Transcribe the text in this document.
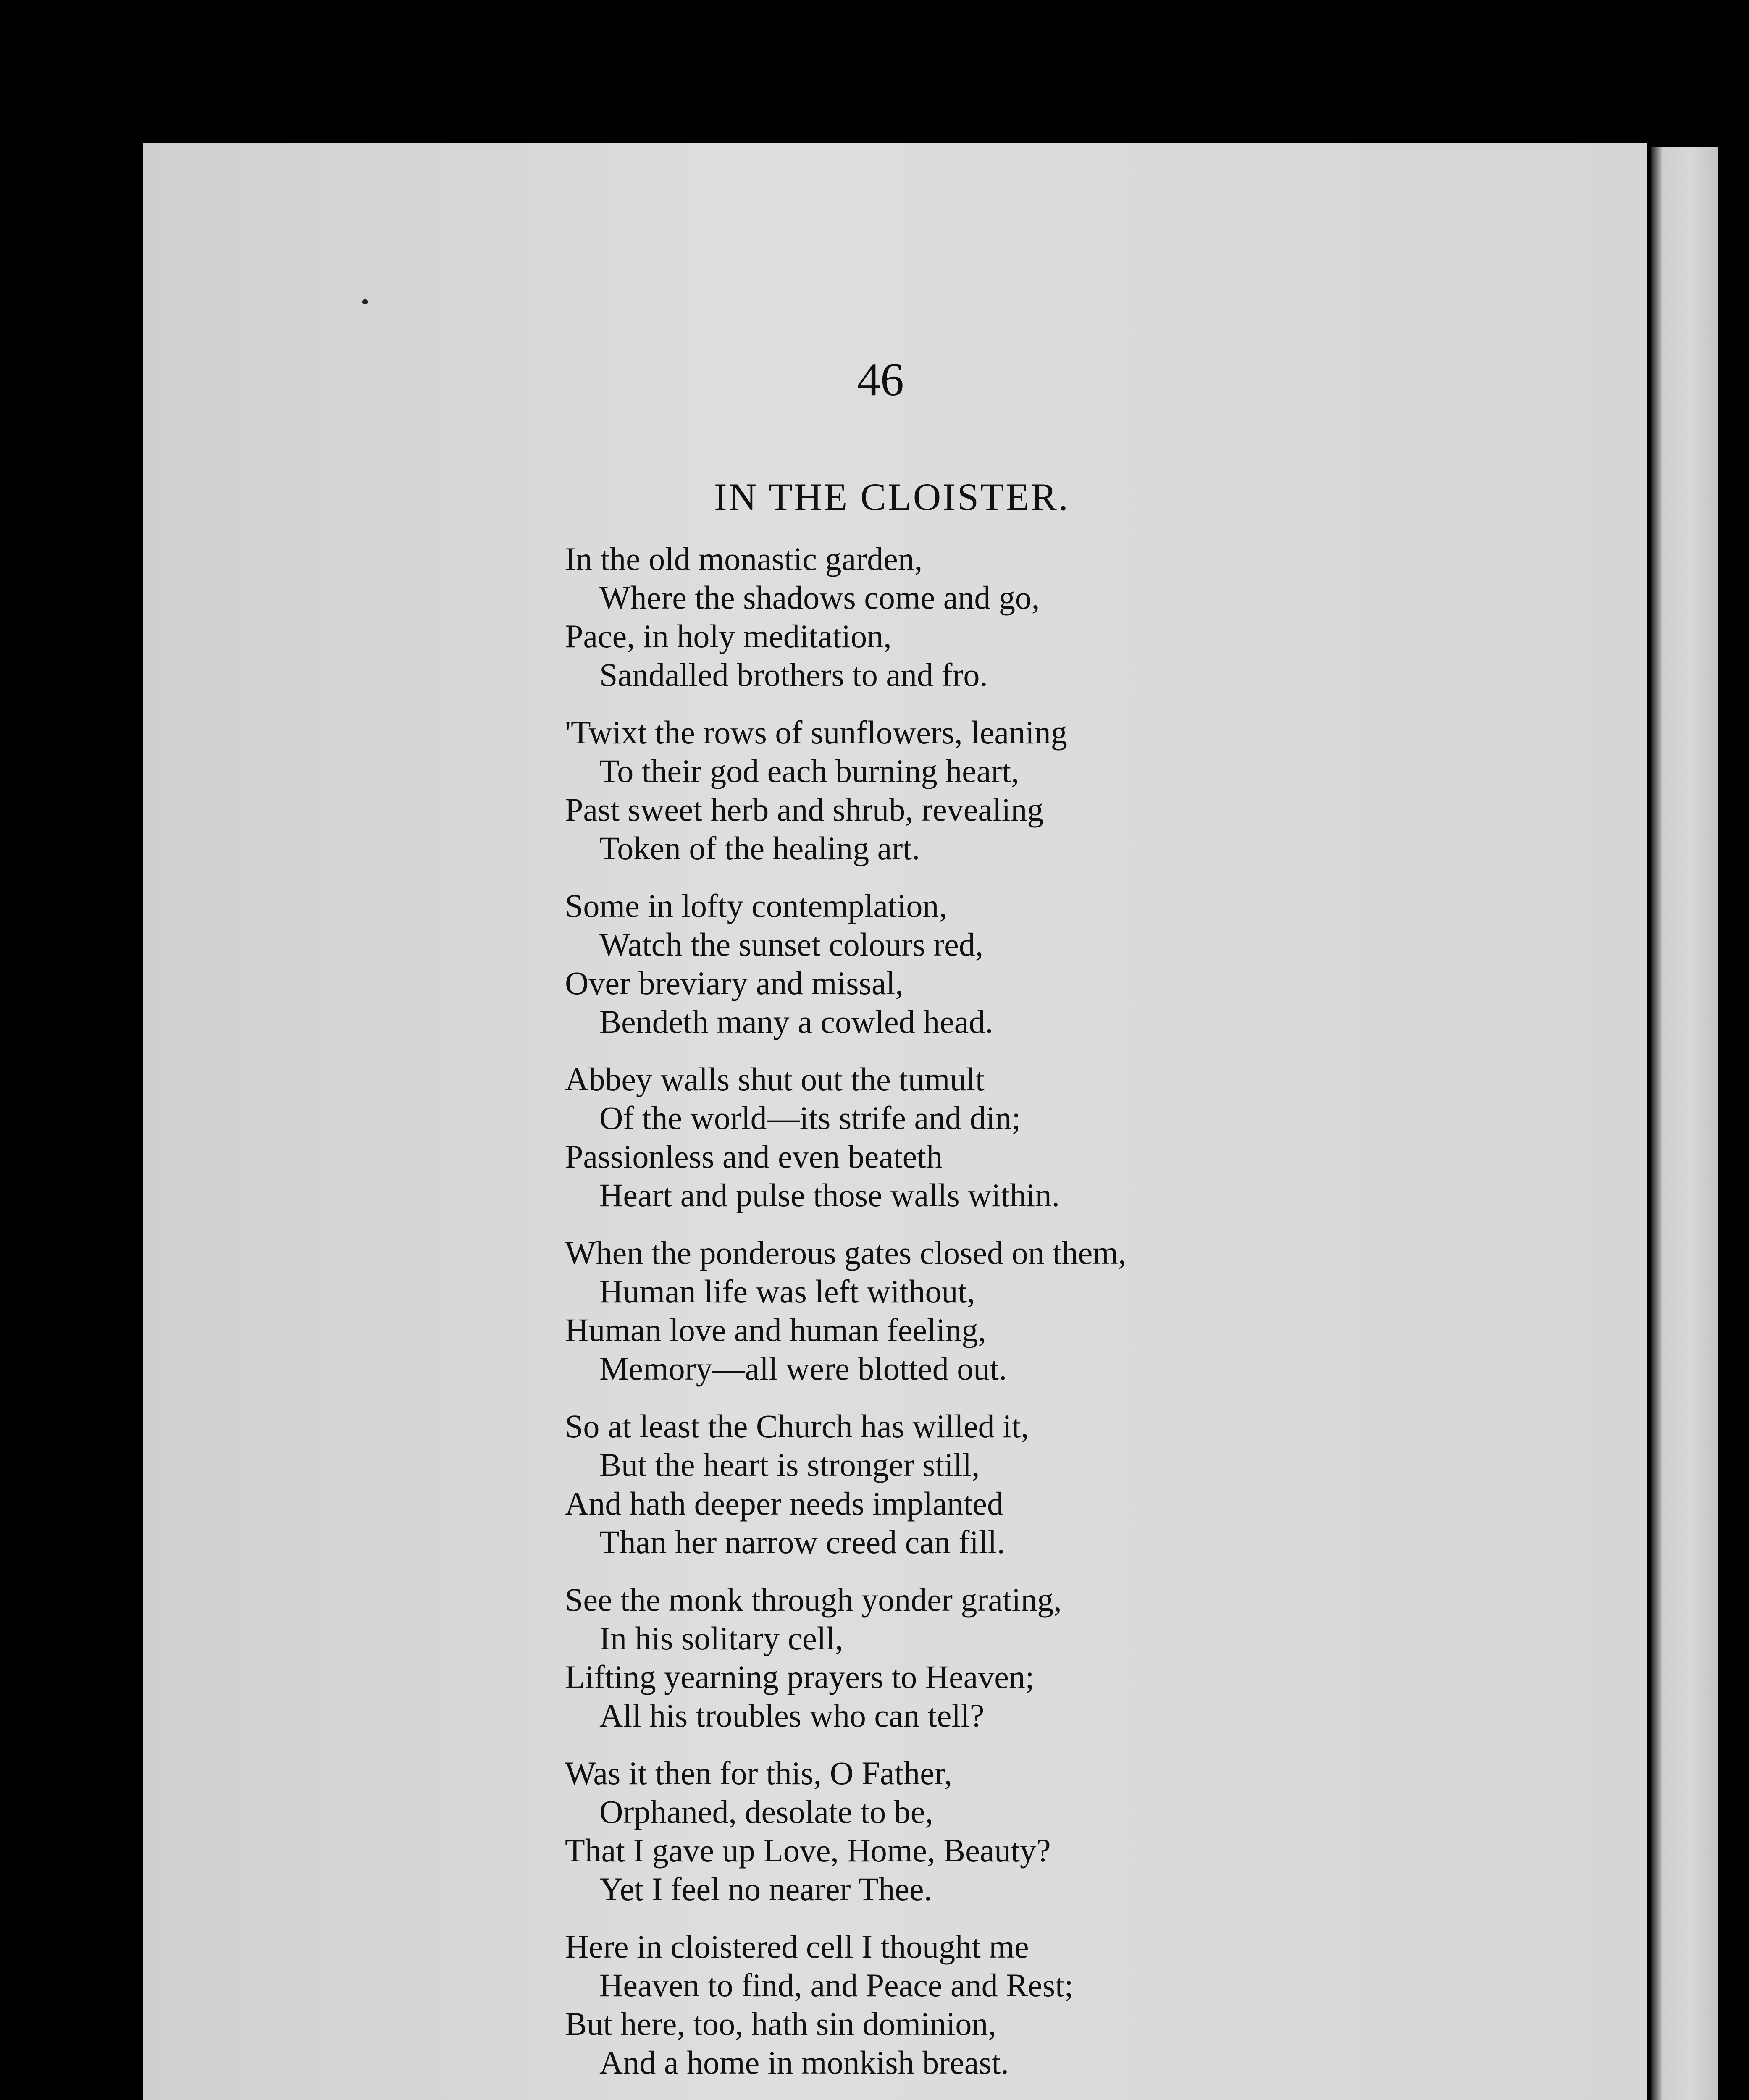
•
46
IN THE CLOISTER.
In the old monastic garden,
Where the shadows come and go,
Pace, in holy meditation,
Sandalled brothers to and fro.
'Twixt the rows of sunflowers, leaning
To their god each burning heart,
Past sweet herb and shrub, revealing
Token of the healing art.
Some in lofty contemplation,
Watch the sunset colours red,
Over breviary and missal,
Bendeth many a cowled head.
Abbey walls shut out the tumult
Of the world—its strife and din;
Passionless and even beateth
Heart and pulse those walls within.
When the ponderous gates closed on them,
Human life was left without,
Human love and human feeling,
Memory—all were blotted out.
So at least the Church has willed it,
But the heart is stronger still,
And hath deeper needs implanted
Than her narrow creed can fill.
See the monk through yonder grating,
In his solitary cell,
Lifting yearning prayers to Heaven;
All his troubles who can tell?
Was it then for this, O Father,
Orphaned, desolate to be,
That I gave up Love, Home, Beauty?
Yet I feel no nearer Thee.
Here in cloistered cell I thought me
Heaven to find, and Peace and Rest;
But here, too, hath sin dominion,
And a home in monkish breast.
